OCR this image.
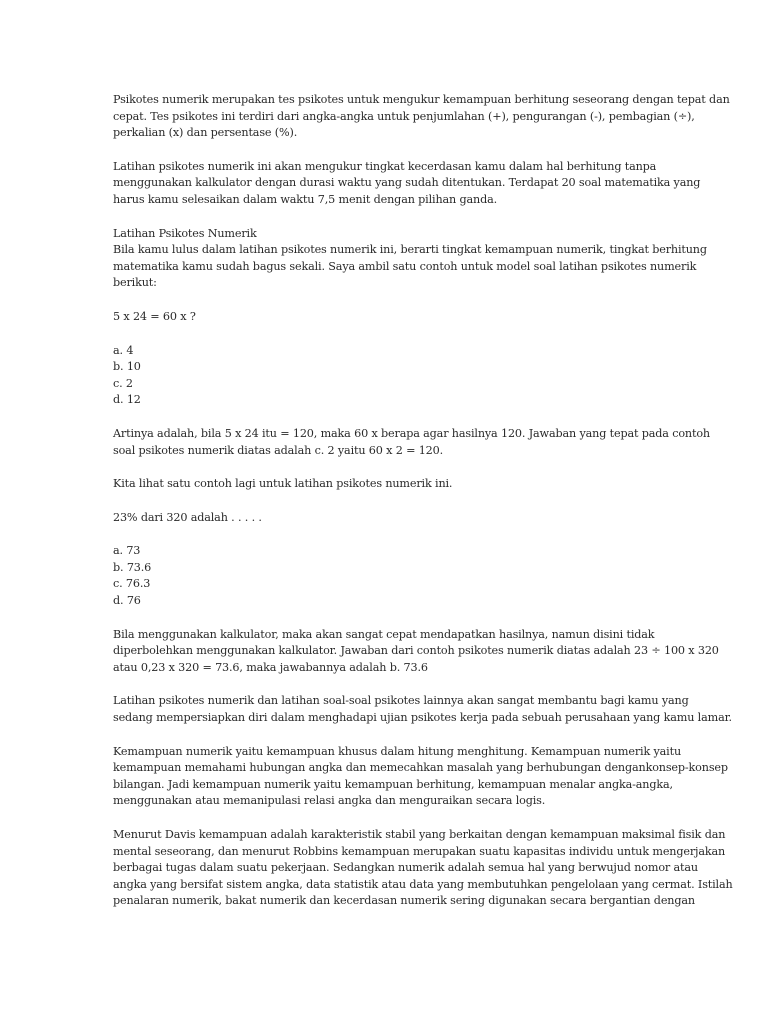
Psikotes numerik merupakan tes psikotes untuk mengukur kemampuan berhitung seseorang dengan tepat dan
cepat. Tes psikotes ini terdiri dari angka-angka untuk penjumlahan (+), pengurangan (-), pembagian (÷),
perkalian (x) dan persentase (%).

Latihan psikotes numerik ini akan mengukur tingkat kecerdasan kamu dalam hal berhitung tanpa
menggunakan kalkulator dengan durasi waktu yang sudah ditentukan. Terdapat 20 soal matematika yang
harus kamu selesaikan dalam waktu 7,5 menit dengan pilihan ganda.

Latihan Psikotes Numerik
Bila kamu lulus dalam latihan psikotes numerik ini, berarti tingkat kemampuan numerik, tingkat berhitung
matematika kamu sudah bagus sekali. Saya ambil satu contoh untuk model soal latihan psikotes numerik
berikut:

5 x 24 = 60 x ?

a. 4
b. 10
c. 2
d. 12

Artinya adalah, bila 5 x 24 itu = 120, maka 60 x berapa agar hasilnya 120. Jawaban yang tepat pada contoh
soal psikotes numerik diatas adalah c. 2 yaitu 60 x 2 = 120.

Kita lihat satu contoh lagi untuk latihan psikotes numerik ini.

23% dari 320 adalah . . . . .

a. 73
b. 73.6
c. 76.3
d. 76

Bila menggunakan kalkulator, maka akan sangat cepat mendapatkan hasilnya, namun disini tidak
diperbolehkan menggunakan kalkulator. Jawaban dari contoh psikotes numerik diatas adalah 23 ÷ 100 x 320
atau 0,23 x 320 = 73.6, maka jawabannya adalah b. 73.6

Latihan psikotes numerik dan latihan soal-soal psikotes lainnya akan sangat membantu bagi kamu yang
sedang mempersiapkan diri dalam menghadapi ujian psikotes kerja pada sebuah perusahaan yang kamu lamar.

Kemampuan numerik yaitu kemampuan khusus dalam hitung menghitung. Kemampuan numerik yaitu
kemampuan memahami hubungan angka dan memecahkan masalah yang berhubungan dengankonsep-konsep
bilangan. Jadi kemampuan numerik yaitu kemampuan berhitung, kemampuan menalar angka-angka,
menggunakan atau memanipulasi relasi angka dan menguraikan secara logis.

Menurut Davis kemampuan adalah karakteristik stabil yang berkaitan dengan kemampuan maksimal fisik dan
mental seseorang, dan menurut Robbins kemampuan merupakan suatu kapasitas individu untuk mengerjakan
berbagai tugas dalam suatu pekerjaan. Sedangkan numerik adalah semua hal yang berwujud nomor atau
angka yang bersifat sistem angka, data statistik atau data yang membutuhkan pengelolaan yang cermat. Istilah
penalaran numerik, bakat numerik dan kecerdasan numerik sering digunakan secara bergantian dengan
